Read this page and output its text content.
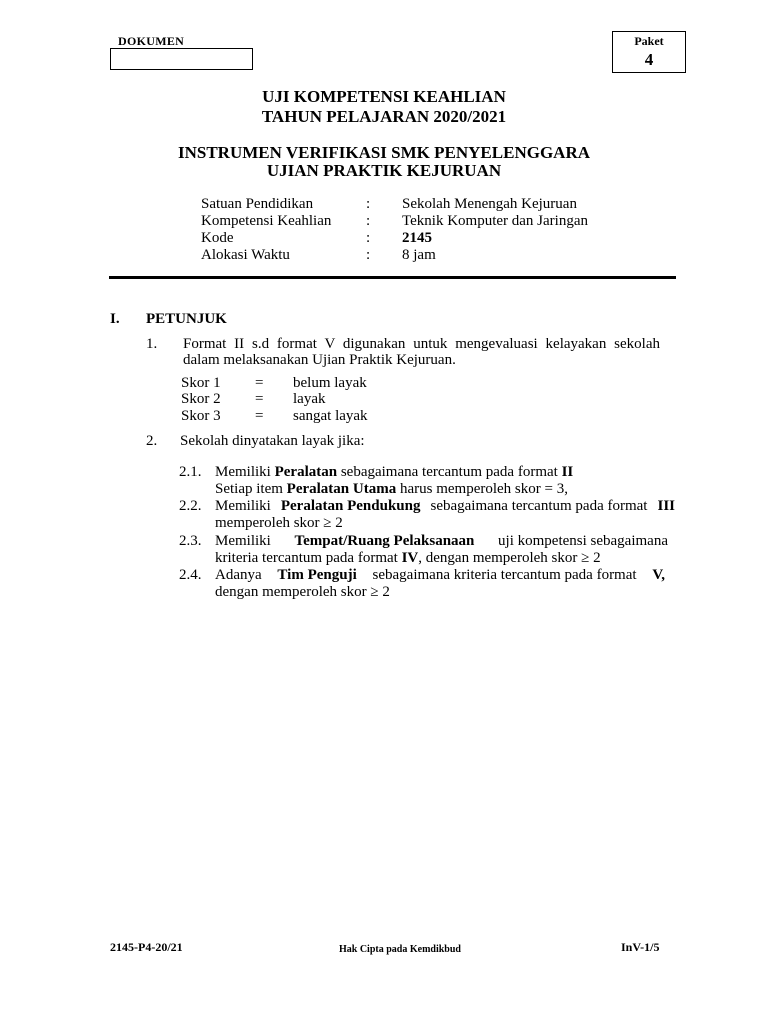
DOKUMEN	Paket
4
UJI KOMPETENSI KEAHLIAN
TAHUN PELAJARAN 2020/2021
INSTRUMEN VERIFIKASI SMK PENYELENGGARA
UJIAN PRAKTIK KEJURUAN
Satuan Pendidikan	: Sekolah Menengah Kejuruan
Kompetensi Keahlian : Teknik Komputer dan Jaringan
Kode	: 2145
Alokasi Waktu	: 8 jam
I. PETUNJUK
1. Format II s.d format V digunakan untuk mengevaluasi kelayakan sekolah
dalam melaksanakan Ujian Praktik Kejuruan.
Skor 1 = belum layak
Skor 2 = layak
Skor 3 = sangat layak
2. Sekolah dinyatakan layak jika:
2.1. Memiliki Peralatan sebagaimana tercantum pada format II
Setiap item Peralatan Utama harus memperoleh skor = 3,
2.2. Memiliki Peralatan Pendukung sebagaimana tercantum pada format III
memperoleh skor ≥ 2
2.3. Memiliki Tempat/Ruang Pelaksanaan uji kompetensi sebagaimana
kriteria tercantum pada format IV, dengan memperoleh skor ≥ 2
2.4. Adanya Tim Penguji sebagaimana kriteria tercantum pada format V,
dengan memperoleh skor ≥ 2
2145-P4-20/21	Hak Cipta pada Kemdikbud	InV-1/5
